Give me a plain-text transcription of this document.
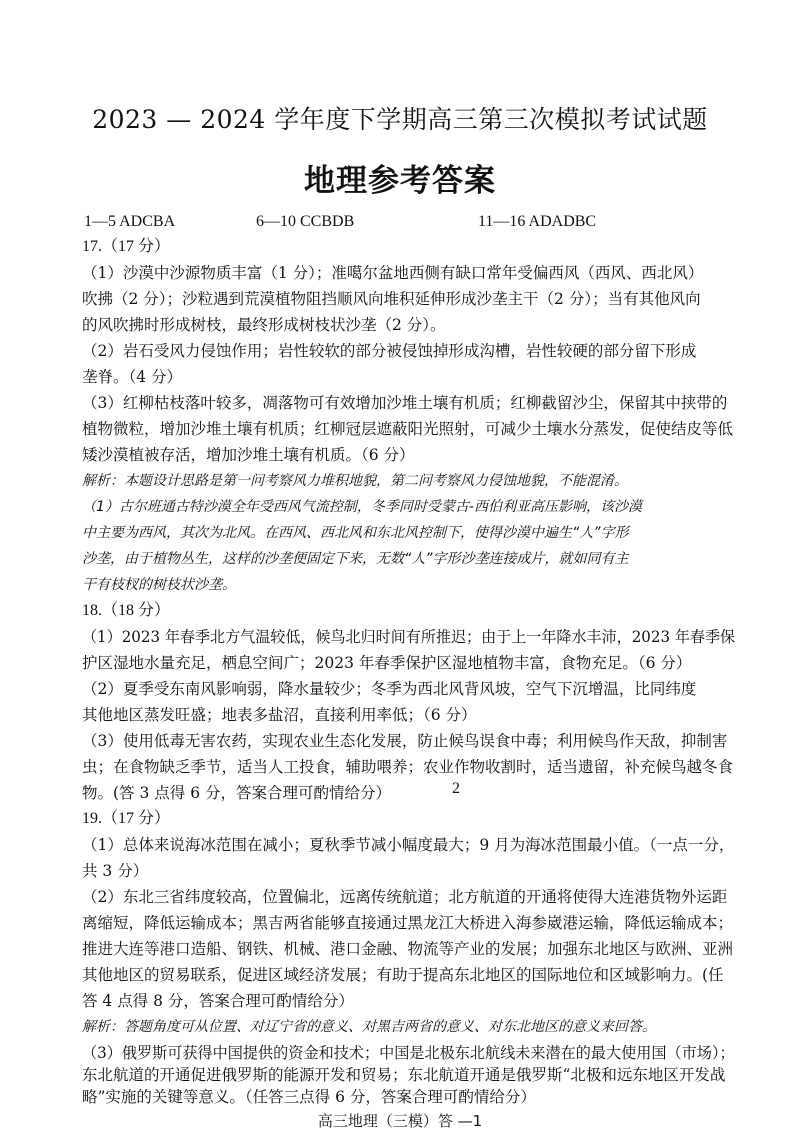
2023 — 2024 学年度下学期高三第三次模拟考试试题
地理参考答案
1—5 ADCBA	6—10 CCBDB	11—16 ADADBC
17.（17 分）
（1）沙漠中沙源物质丰富（1 分）；准噶尔盆地西侧有缺口常年受偏西风（西风、西北风）
吹拂（2 分）；沙粒遇到荒漠植物阻挡顺风向堆积延伸形成沙垄主干（2 分）；当有其他风向
的风吹拂时形成树枝，最终形成树枝状沙垄（2 分）。
（2）岩石受风力侵蚀作用；岩性较软的部分被侵蚀掉形成沟槽，岩性较硬的部分留下形成
垄脊。（4 分）
（3）红柳枯枝落叶较多，凋落物可有效增加沙堆土壤有机质；红柳截留沙尘，保留其中挟带的
植物微粒，增加沙堆土壤有机质；红柳冠层遮蔽阳光照射，可减少土壤水分蒸发，促使结皮等低
矮沙漠植被存活，增加沙堆土壤有机质。（6 分）
解析：本题设计思路是第一问考察风力堆积地貌，第二问考察风力侵蚀地貌，不能混淆。
（1）古尔班通古特沙漠全年受西风气流控制，冬季同时受蒙古-西伯利亚高压影响，该沙漠
中主要为西风，其次为北风。在西风、西北风和东北风控制下，使得沙漠中遍生“人”字形
沙垄，由于植物丛生，这样的沙垄便固定下来，无数“人”字形沙垄连接成片，就如同有主
干有枝杈的树枝状沙垄。
18.（18 分）
（1）2023 年春季北方气温较低，候鸟北归时间有所推迟；由于上一年降水丰沛，2023 年春季保
护区湿地水量充足，栖息空间广；2023 年春季保护区湿地植物丰富，食物充足。（6 分）
（2）夏季受东南风影响弱，降水量较少；冬季为西北风背风坡，空气下沉增温，比同纬度
其他地区蒸发旺盛；地表多盐沼，直接利用率低；（6 分）
（3）使用低毒无害农药，实现农业生态化发展，防止候鸟误食中毒；利用候鸟作天敌，抑制害
虫；在食物缺乏季节，适当人工投食，辅助喂养；农业作物收割时，适当遗留，补充候鸟越冬食
物。(答 3 点得 6 分，答案合理可酌情给分）	2
19.（17 分）
（1）总体来说海冰范围在减小；夏秋季节减小幅度最大；9 月为海冰范围最小值。（一点一分，
共 3 分）
（2）东北三省纬度较高，位置偏北，远离传统航道；北方航道的开通将使得大连港货物外运距
离缩短，降低运输成本；黑吉两省能够直接通过黑龙江大桥进入海参崴港运输，降低运输成本；
推进大连等港口造船、钢铁、机械、港口金融、物流等产业的发展；加强东北地区与欧洲、亚洲
其他地区的贸易联系，促进区域经济发展；有助于提高东北地区的国际地位和区域影响力。(任
答 4 点得 8 分，答案合理可酌情给分）
解析：答题角度可从位置、对辽宁省的意义、对黑吉两省的意义、对东北地区的意义来回答。
（3）俄罗斯可获得中国提供的资金和技术；中国是北极东北航线未来潜在的最大使用国（市场）；
东北航道的开通促进俄罗斯的能源开发和贸易；东北航道开通是俄罗斯“北极和远东地区开发战
略”实施的关键等意义。（任答三点得 6 分，答案合理可酌情给分）
高三地理（三模）答 —1
